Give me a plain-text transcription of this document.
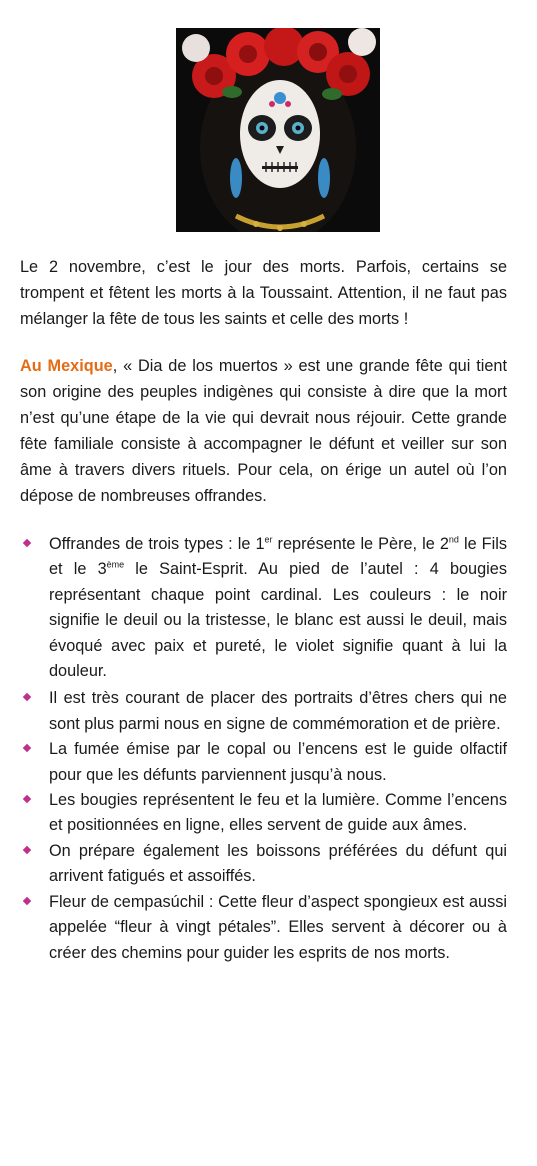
Le 2 novembre, c’est le jour des morts. Parfois, certains se trompent et fêtent les morts à la Toussaint. Attention, il ne faut pas mélanger la fête de tous les saints et celle des morts !

Au Mexique, « Dia de los muertos » est une grande fête qui tient son origine des peuples indigènes qui consiste à dire que la mort n’est qu’une étape de la vie qui devrait nous réjouir. Cette grande fête familiale consiste à accompagner le défunt et veiller sur son âme à travers divers rituels. Pour cela, on érige un autel où l’on dépose de nombreuses offrandes.

Offrandes de trois types : le 1er représente le Père, le 2nd le Fils et le 3ème le Saint-Esprit. Au pied de l’autel : 4 bougies représentant chaque point cardinal. Les couleurs : le noir signifie le deuil ou la tristesse, le blanc est aussi le deuil, mais évoqué avec paix et pureté, le violet signifie quant à lui la douleur.
Il est très courant de placer des portraits d’êtres chers qui ne sont plus parmi nous en signe de commémoration et de prière.
La fumée émise par le copal ou l’encens est le guide olfactif pour que les défunts parviennent jusqu’à nous.
Les bougies représentent le feu et la lumière. Comme l’encens et positionnées en ligne, elles servent de guide aux âmes.
On prépare également les boissons préférées du défunt qui arrivent fatigués et assoiffés.
Fleur de cempasúchil : Cette fleur d’aspect spongieux est aussi appelée “fleur à vingt pétales”. Elles servent à décorer ou à créer des chemins pour guider les esprits de nos morts.
